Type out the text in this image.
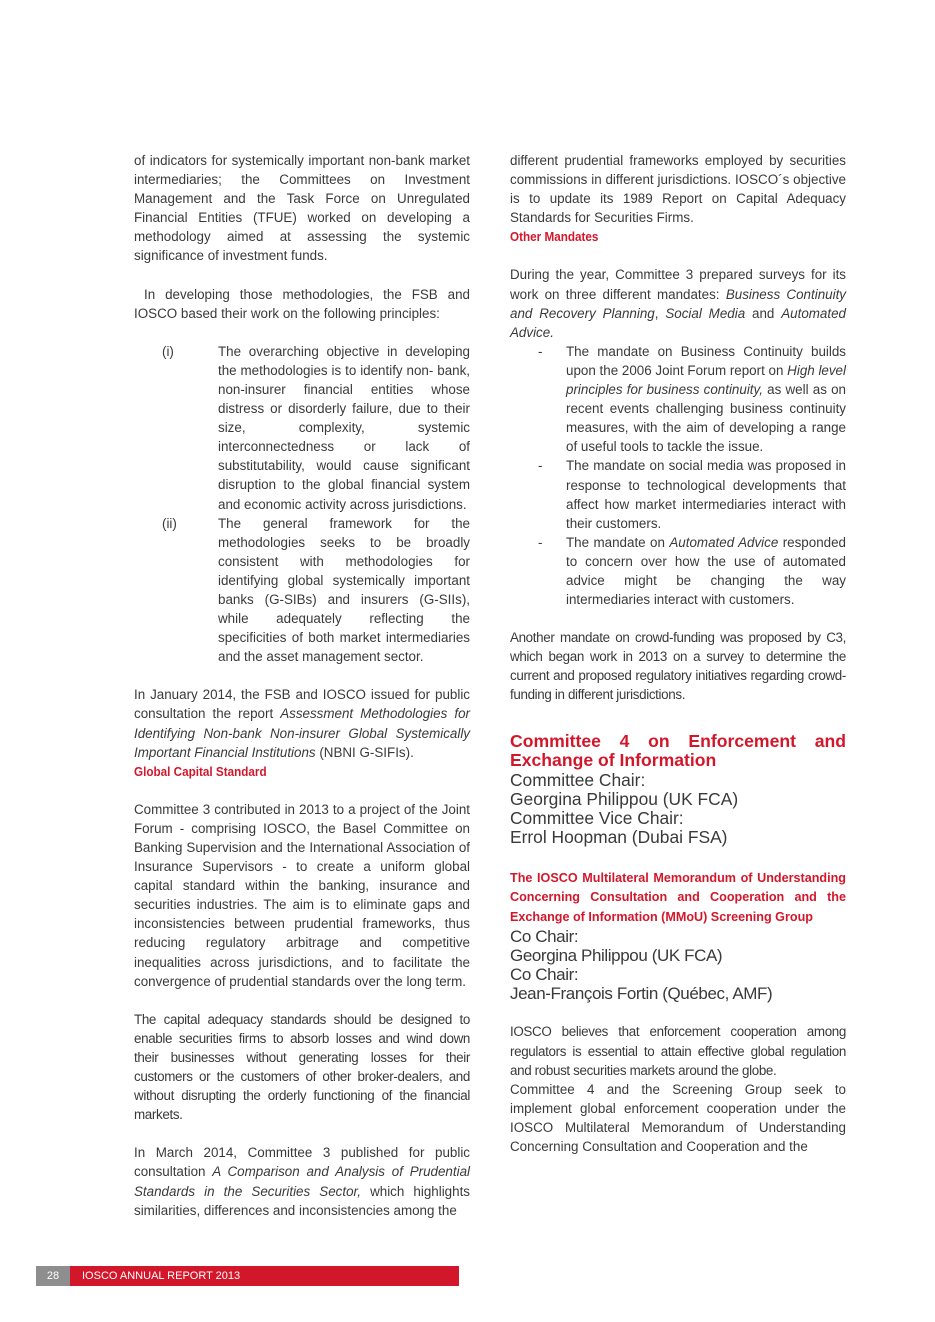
of indicators for systemically important non-bank market intermediaries; the Committees on Investment Management and the Task Force on Unregulated Financial Entities (TFUE) worked on developing a methodology aimed at assessing the systemic significance of investment funds.

In developing those methodologies, the FSB and IOSCO based their work on the following principles:

(i)	The overarching objective in developing the methodologies is to identify non- bank, non-insurer financial entities whose distress or disorderly failure, due to their size, complexity, systemic interconnectedness or lack of substitutability, would cause significant disruption to the global financial system and economic activity across jurisdictions.

(ii)	The general framework for the methodologies seeks to be broadly consistent with methodologies for identifying global systemically important banks (G-SIBs) and insurers (G-SIIs), while adequately reflecting the specificities of both market intermediaries and the asset management sector.

In January 2014, the FSB and IOSCO issued for public consultation the report Assessment Methodologies for Identifying Non-bank Non-insurer Global Systemically Important Financial Institutions (NBNI G-SIFIs).

Global Capital Standard

Committee 3 contributed in 2013 to a project of the Joint Forum - comprising IOSCO, the Basel Committee on Banking Supervision and the International Association of Insurance Supervisors - to create a uniform global capital standard within the banking, insurance and securities industries. The aim is to eliminate gaps and inconsistencies between prudential frameworks, thus reducing regulatory arbitrage and competitive inequalities across jurisdictions, and to facilitate the convergence of prudential standards over the long term.

The capital adequacy standards should be designed to enable securities firms to absorb losses and wind down their businesses without generating losses for their customers or the customers of other broker-dealers, and without disrupting the orderly functioning of the financial markets.

In March 2014, Committee 3 published for public consultation A Comparison and Analysis of Prudential Standards in the Securities Sector, which highlights similarities, differences and inconsistencies among the

different prudential frameworks employed by securities commissions in different jurisdictions. IOSCO´s objective is to update its 1989 Report on Capital Adequacy Standards for Securities Firms.

Other Mandates

During the year, Committee 3 prepared surveys for its work on three different mandates: Business Continuity and Recovery Planning, Social Media and Automated Advice.

- The mandate on Business Continuity builds upon the 2006 Joint Forum report on High level principles for business continuity, as well as on recent events challenging business continuity measures, with the aim of developing a range of useful tools to tackle the issue.

- The mandate on social media was proposed in response to technological developments that affect how market intermediaries interact with their customers.

- The mandate on Automated Advice responded to concern over how the use of automated advice might be changing the way intermediaries interact with customers.

Another mandate on crowd-funding was proposed by C3, which began work in 2013 on a survey to determine the current and proposed regulatory initiatives regarding crowd-funding in different jurisdictions.

Committee 4 on Enforcement and Exchange of Information

Committee Chair:

Georgina Philippou (UK FCA)

Committee Vice Chair:

Errol Hoopman (Dubai FSA)

The IOSCO Multilateral Memorandum of Understanding Concerning Consultation and Cooperation and the Exchange of Information (MMoU) Screening Group

Co Chair:

Georgina Philippou (UK FCA)

Co Chair:

Jean-François Fortin (Québec, AMF)

IOSCO believes that enforcement cooperation among regulators is essential to attain effective global regulation and robust securities markets around the globe.

Committee 4 and the Screening Group seek to implement global enforcement cooperation under the IOSCO Multilateral Memorandum of Understanding Concerning Consultation and Cooperation and the

28	IOSCO ANNUAL REPORT 2013
